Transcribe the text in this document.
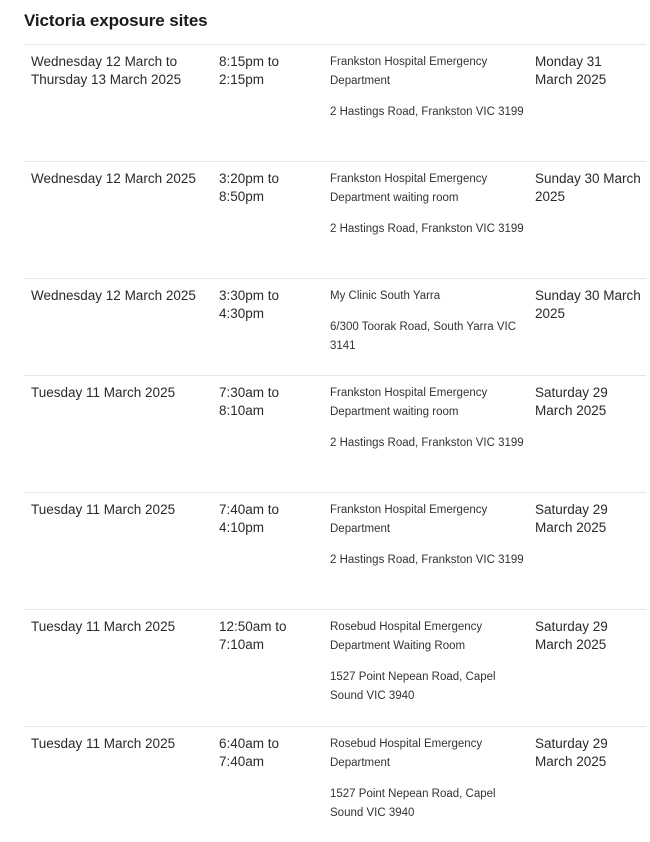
Victoria exposure sites
Wednesday 12 March to Thursday 13 March 2025
8:15pm to 2:15pm

Frankston Hospital Emergency Department

2 Hastings Road, Frankston VIC 3199

Monday 31 March 2025
Wednesday 12 March 2025	3:20pm to 8:50pm

Frankston Hospital Emergency Department waiting room

2 Hastings Road, Frankston VIC 3199

Sunday 30 March 2025
Wednesday 12 March 2025	3:30pm to 4:30pm

My Clinic South Yarra

6/300 Toorak Road, South Yarra VIC 3141

Sunday 30 March 2025
Tuesday 11 March 2025	7:30am to 8:10am

Frankston Hospital Emergency Department waiting room

2 Hastings Road, Frankston VIC 3199

Saturday 29 March 2025
Tuesday 11 March 2025	7:40am to 4:10pm

Frankston Hospital Emergency Department

2 Hastings Road, Frankston VIC 3199

Saturday 29 March 2025
Tuesday 11 March 2025	12:50am to 7:10am

Rosebud Hospital Emergency Department Waiting Room

1527 Point Nepean Road, Capel Sound VIC 3940

Saturday 29 March 2025
Tuesday 11 March 2025	6:40am to 7:40am

Rosebud Hospital Emergency Department

1527 Point Nepean Road, Capel Sound VIC 3940

Saturday 29 March 2025
